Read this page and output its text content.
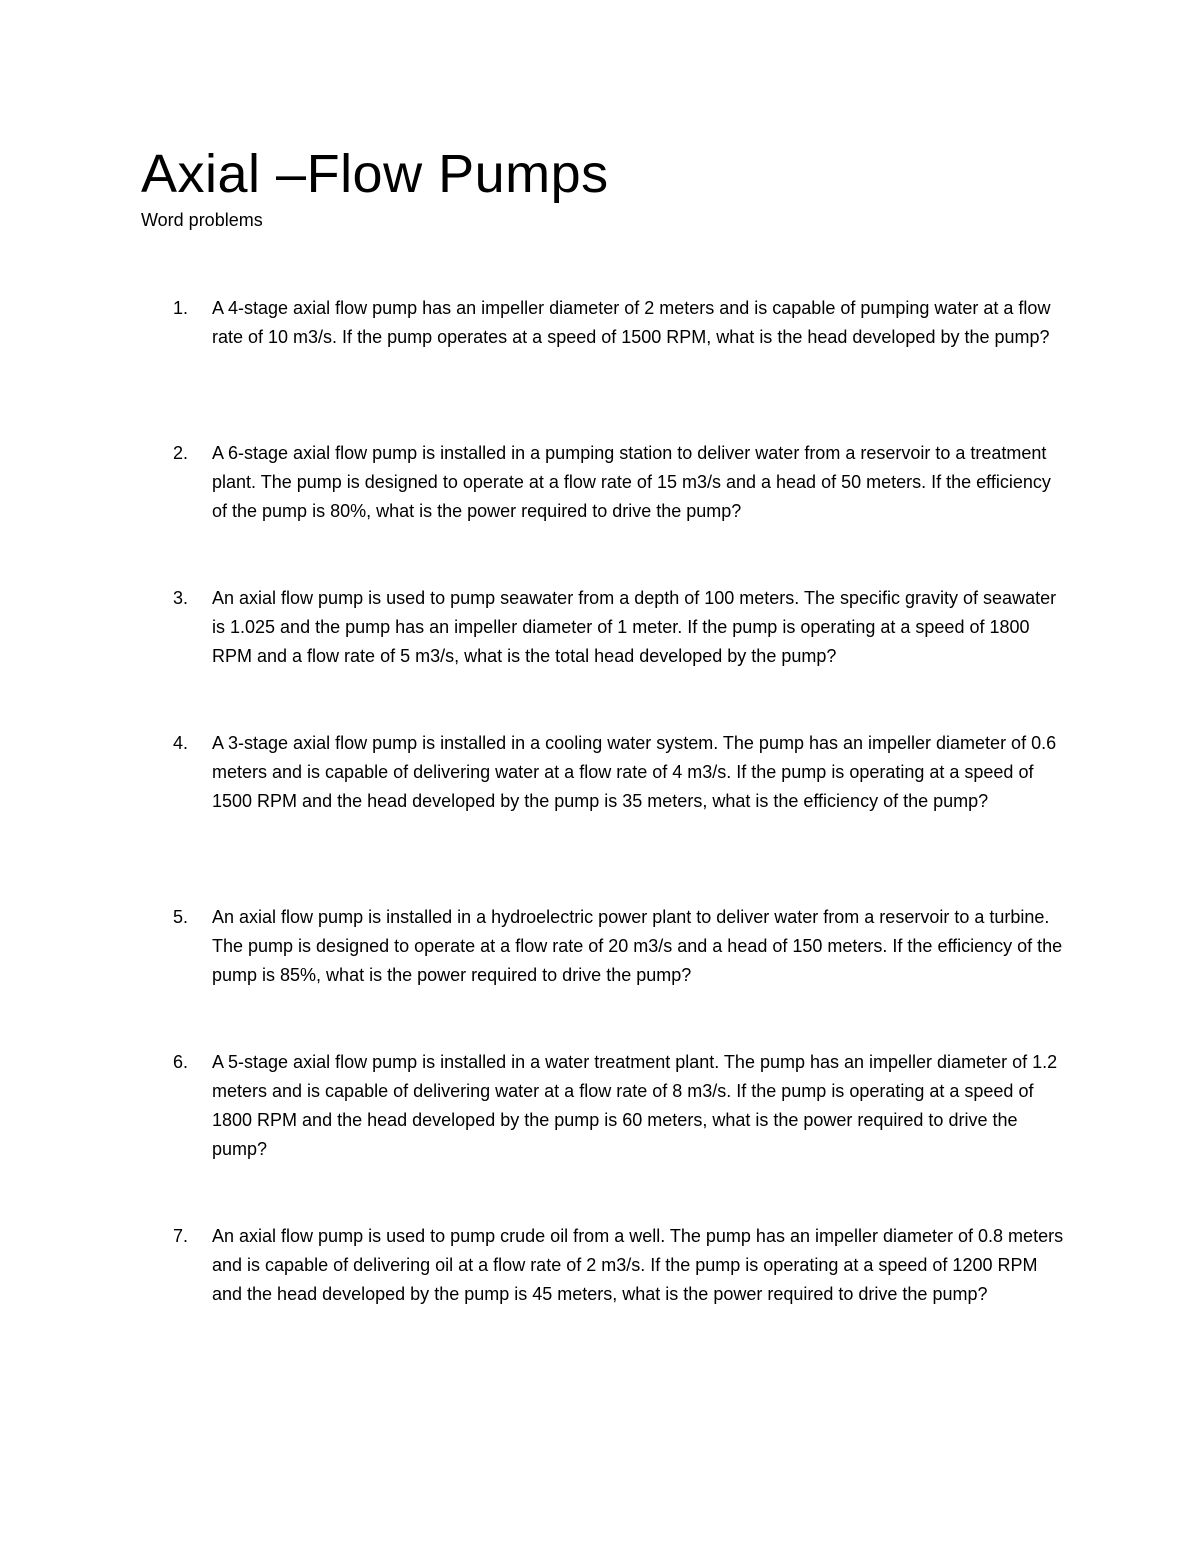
Axial –Flow Pumps

Word problems

1.	A 4-stage axial flow pump has an impeller diameter of 2 meters and is capable of pumping water at a flow rate of 10 m3/s. If the pump operates at a speed of 1500 RPM, what is the head developed by the pump?

2.	A 6-stage axial flow pump is installed in a pumping station to deliver water from a reservoir to a treatment plant. The pump is designed to operate at a flow rate of 15 m3/s and a head of 50 meters. If the efficiency of the pump is 80%, what is the power required to drive the pump?

3.	An axial flow pump is used to pump seawater from a depth of 100 meters. The specific gravity of seawater is 1.025 and the pump has an impeller diameter of 1 meter. If the pump is operating at a speed of 1800 RPM and a flow rate of 5 m3/s, what is the total head developed by the pump?

4.	A 3-stage axial flow pump is installed in a cooling water system. The pump has an impeller diameter of 0.6 meters and is capable of delivering water at a flow rate of 4 m3/s. If the pump is operating at a speed of 1500 RPM and the head developed by the pump is 35 meters, what is the efficiency of the pump?

5.	An axial flow pump is installed in a hydroelectric power plant to deliver water from a reservoir to a turbine. The pump is designed to operate at a flow rate of 20 m3/s and a head of 150 meters. If the efficiency of the pump is 85%, what is the power required to drive the pump?

6.	A 5-stage axial flow pump is installed in a water treatment plant. The pump has an impeller diameter of 1.2 meters and is capable of delivering water at a flow rate of 8 m3/s. If the pump is operating at a speed of 1800 RPM and the head developed by the pump is 60 meters, what is the power required to drive the pump?

7.	An axial flow pump is used to pump crude oil from a well. The pump has an impeller diameter of 0.8 meters and is capable of delivering oil at a flow rate of 2 m3/s. If the pump is operating at a speed of 1200 RPM and the head developed by the pump is 45 meters, what is the power required to drive the pump?
